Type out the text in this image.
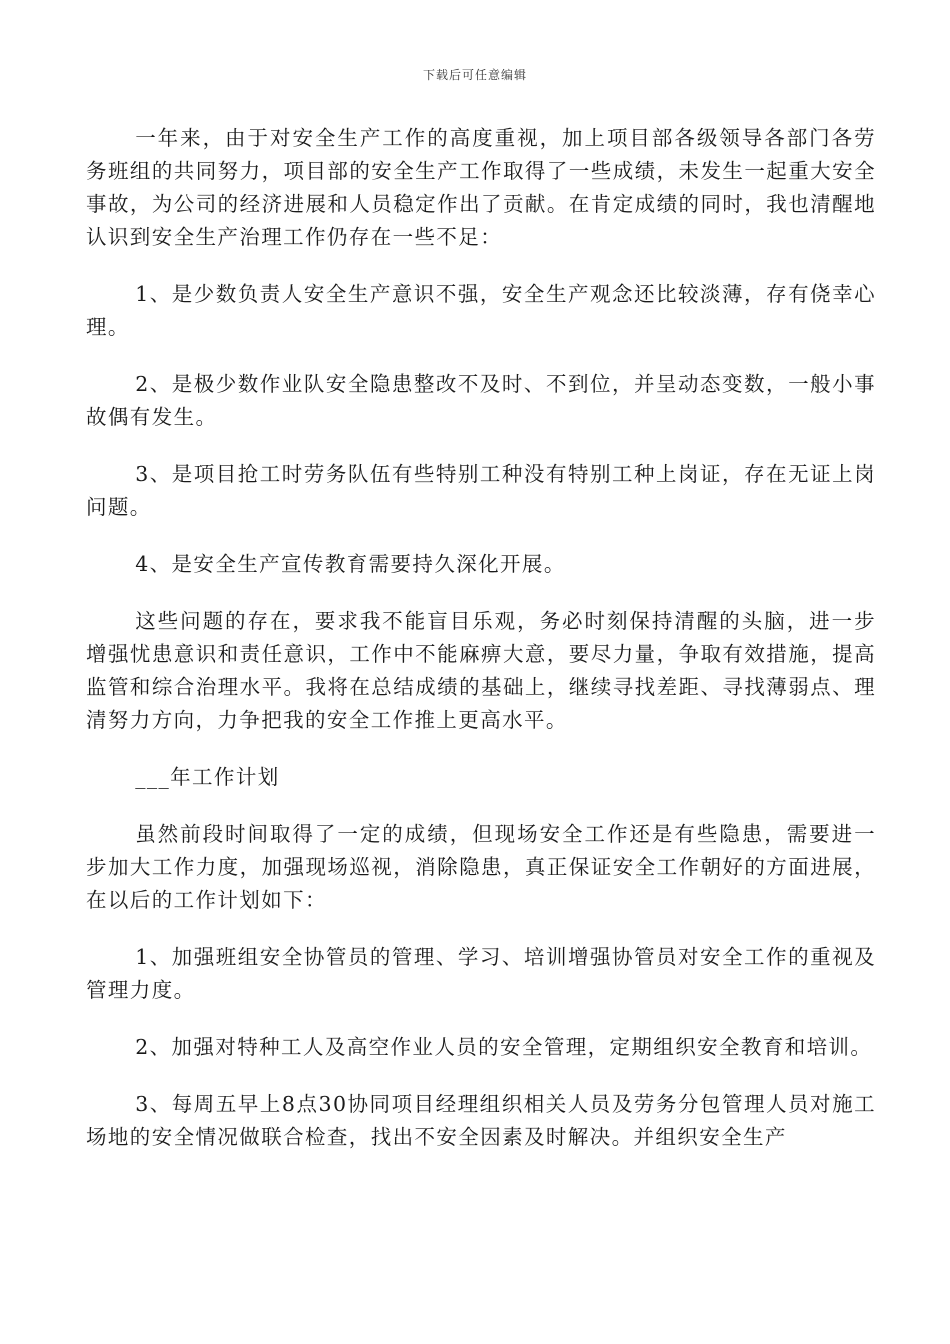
下载后可任意编辑

一年来，由于对安全生产工作的高度重视，加上项目部各级领导各部门各劳务班组的共同努力，项目部的安全生产工作取得了一些成绩，未发生一起重大安全事故，为公司的经济进展和人员稳定作出了贡献。在肯定成绩的同时，我也清醒地认识到安全生产治理工作仍存在一些不足：

1、是少数负责人安全生产意识不强，安全生产观念还比较淡薄，存有侥幸心理。

2、是极少数作业队安全隐患整改不及时、不到位，并呈动态变数，一般小事故偶有发生。

3、是项目抢工时劳务队伍有些特别工种没有特别工种上岗证，存在无证上岗问题。

4、是安全生产宣传教育需要持久深化开展。

这些问题的存在，要求我不能盲目乐观，务必时刻保持清醒的头脑，进一步增强忧患意识和责任意识，工作中不能麻痹大意，要尽力量，争取有效措施，提高监管和综合治理水平。我将在总结成绩的基础上，继续寻找差距、寻找薄弱点、理清努力方向，力争把我的安全工作推上更高水平。

___年工作计划

虽然前段时间取得了一定的成绩，但现场安全工作还是有些隐患，需要进一步加大工作力度，加强现场巡视，消除隐患，真正保证安全工作朝好的方面进展，在以后的工作计划如下：

1、加强班组安全协管员的管理、学习、培训增强协管员对安全工作的重视及管理力度。

2、加强对特种工人及高空作业人员的安全管理，定期组织安全教育和培训。

3、每周五早上8点30协同项目经理组织相关人员及劳务分包管理人员对施工场地的安全情况做联合检查，找出不安全因素及时解决。并组织安全生产
